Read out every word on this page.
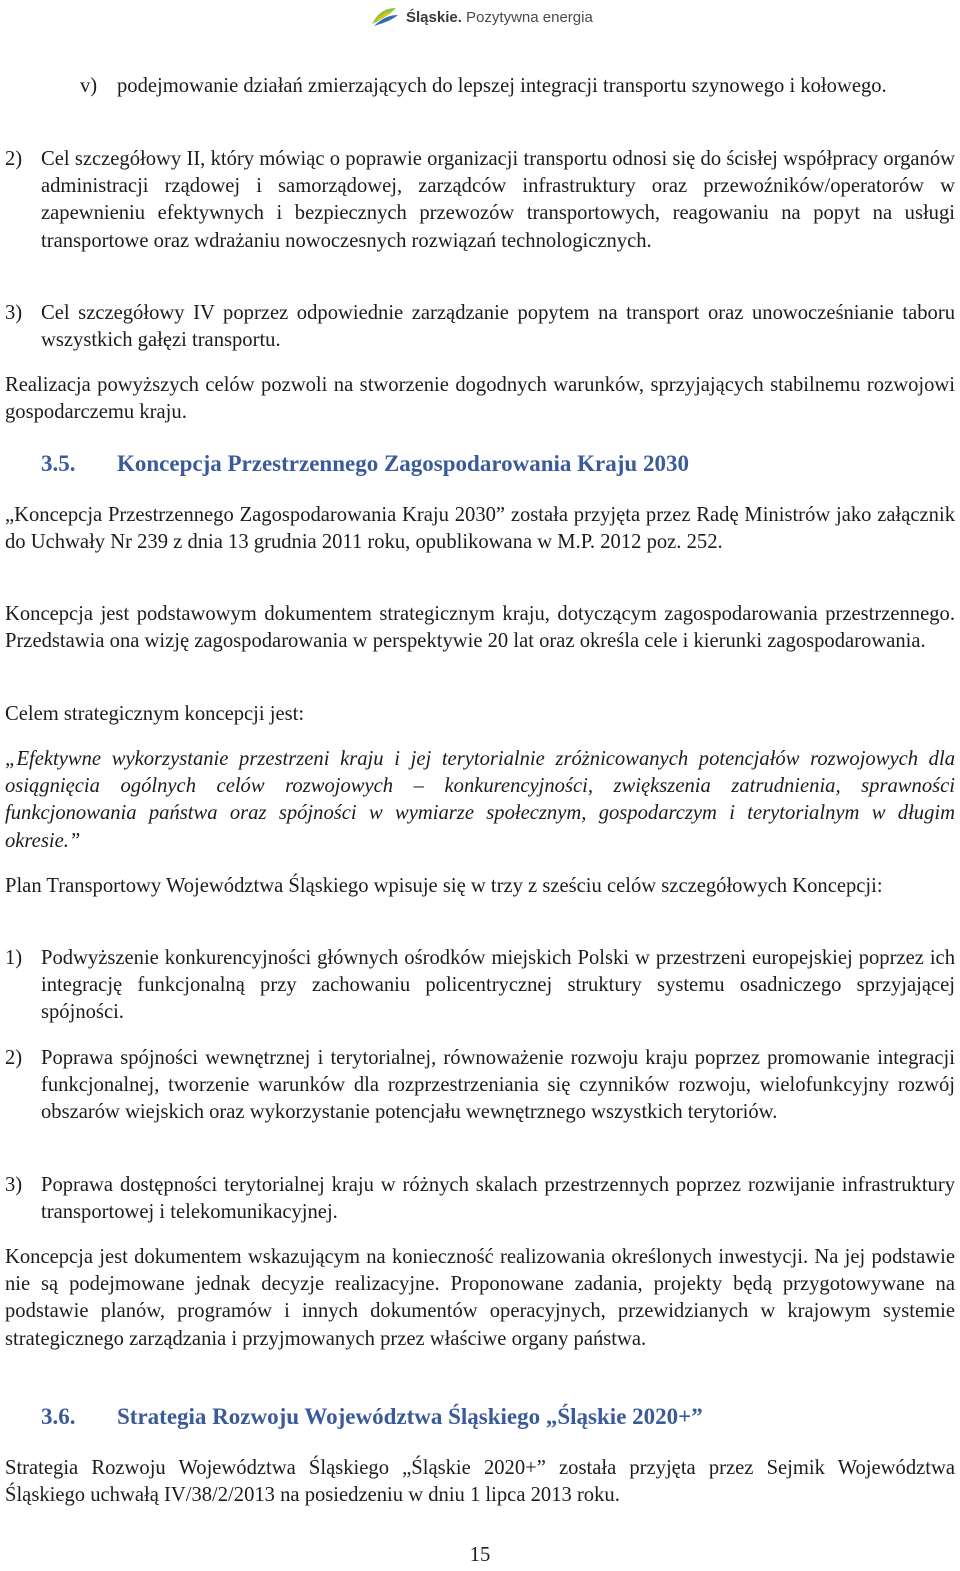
Śląskie. Pozytywna energia
v) podejmowanie działań zmierzających do lepszej integracji transportu szynowego i kołowego.

2) Cel szczegółowy II, który mówiąc o poprawie organizacji transportu odnosi się do ścisłej współpracy organów administracji rządowej i samorządowej, zarządców infrastruktury oraz przewoźników/operatorów w zapewnieniu efektywnych i bezpiecznych przewozów transportowych, reagowaniu na popyt na usługi transportowe oraz wdrażaniu nowoczesnych rozwiązań technologicznych.

3) Cel szczegółowy IV poprzez odpowiednie zarządzanie popytem na transport oraz unowocześnianie taboru wszystkich gałęzi transportu.

Realizacja powyższych celów pozwoli na stworzenie dogodnych warunków, sprzyjających stabilnemu rozwojowi gospodarczemu kraju.

3.5. Koncepcja Przestrzennego Zagospodarowania Kraju 2030

„Koncepcja Przestrzennego Zagospodarowania Kraju 2030” została przyjęta przez Radę Ministrów jako załącznik do Uchwały Nr 239 z dnia 13 grudnia 2011 roku, opublikowana w M.P. 2012 poz. 252.

Koncepcja jest podstawowym dokumentem strategicznym kraju, dotyczącym zagospodarowania przestrzennego. Przedstawia ona wizję zagospodarowania w perspektywie 20 lat oraz określa cele i kierunki zagospodarowania.

Celem strategicznym koncepcji jest:

„Efektywne wykorzystanie przestrzeni kraju i jej terytorialnie zróżnicowanych potencjałów rozwojowych dla osiągnięcia ogólnych celów rozwojowych – konkurencyjności, zwiększenia zatrudnienia, sprawności funkcjonowania państwa oraz spójności w wymiarze społecznym, gospodarczym i terytorialnym w długim okresie.”

Plan Transportowy Województwa Śląskiego wpisuje się w trzy z sześciu celów szczegółowych Koncepcji:

1) Podwyższenie konkurencyjności głównych ośrodków miejskich Polski w przestrzeni europejskiej poprzez ich integrację funkcjonalną przy zachowaniu policentrycznej struktury systemu osadniczego sprzyjającej spójności.

2) Poprawa spójności wewnętrznej i terytorialnej, równoważenie rozwoju kraju poprzez promowanie integracji funkcjonalnej, tworzenie warunków dla rozprzestrzeniania się czynników rozwoju, wielofunkcyjny rozwój obszarów wiejskich oraz wykorzystanie potencjału wewnętrznego wszystkich terytoriów.

3) Poprawa dostępności terytorialnej kraju w różnych skalach przestrzennych poprzez rozwijanie infrastruktury transportowej i telekomunikacyjnej.

Koncepcja jest dokumentem wskazującym na konieczność realizowania określonych inwestycji. Na jej podstawie nie są podejmowane jednak decyzje realizacyjne. Proponowane zadania, projekty będą przygotowywane na podstawie planów, programów i innych dokumentów operacyjnych, przewidzianych w krajowym systemie strategicznego zarządzania i przyjmowanych przez właściwe organy państwa.

3.6. Strategia Rozwoju Województwa Śląskiego „Śląskie 2020+”

Strategia Rozwoju Województwa Śląskiego „Śląskie 2020+” została przyjęta przez Sejmik Województwa Śląskiego uchwałą IV/38/2/2013 na posiedzeniu w dniu 1 lipca 2013 roku.

15
